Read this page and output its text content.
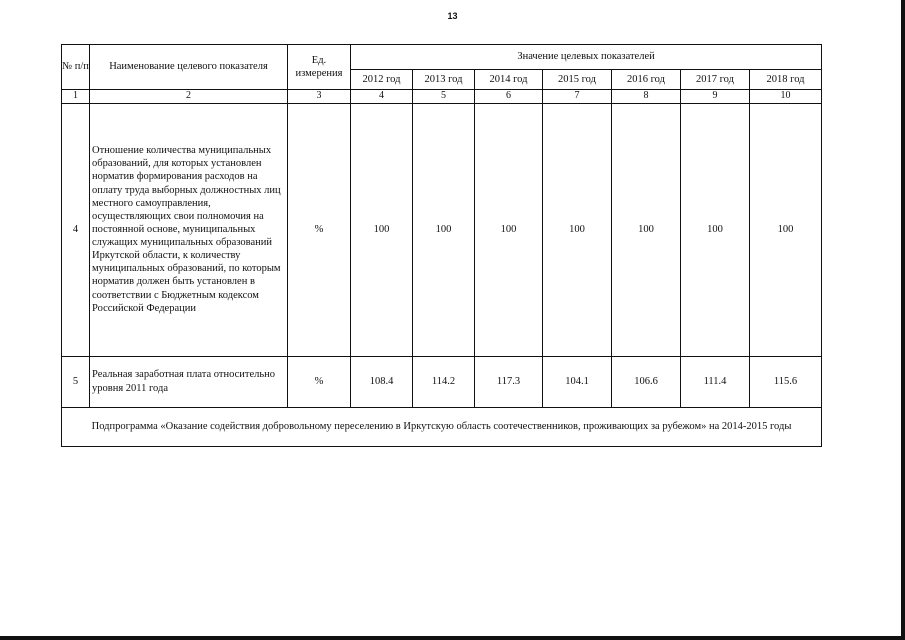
13
№ п/п	Наименование целевого показателя	Ед. измерения	Значение целевых показателей						
			2012 год	2013 год	2014 год	2015 год	2016 год	2017 год	2018 год
1	2	3	4	5	6	7	8	9	10
4	Отношение количества муниципальных образований, для которых установлен норматив формирования расходов на оплату труда выборных должностных лиц местного самоуправления, осуществляющих свои полномочия на постоянной основе, муниципальных служащих муниципальных образований Иркутской области, к количеству муниципальных образований, по которым норматив должен быть установлен в соответствии с Бюджетным кодексом Российской Федерации	%	100	100	100	100	100	100	100
5	Реальная заработная плата относительно уровня 2011 года	%	108.4	114.2	117.3	104.1	106.6	111.4	115.6

Подпрограмма «Оказание содействия добровольному переселению в Иркутскую область соотечественников, проживающих за рубежом» на 2014-2015 годы									
